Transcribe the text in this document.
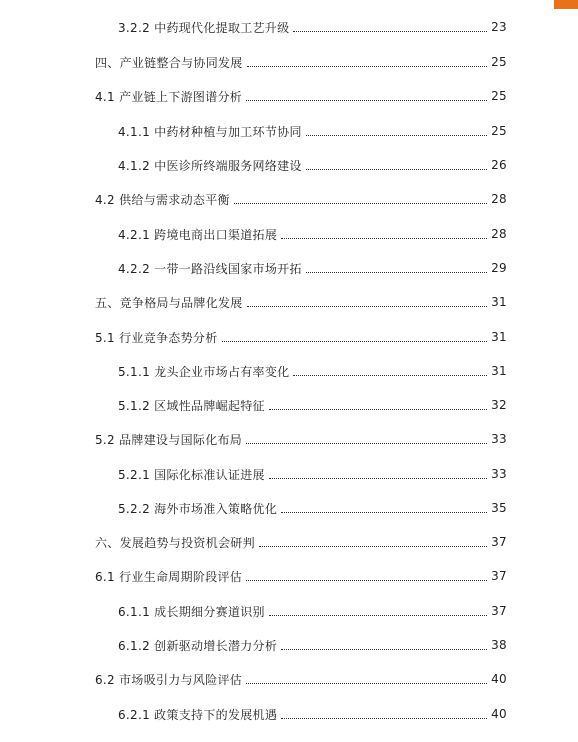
3.2.2 中药现代化提取工艺升级	23
四、产业链整合与协同发展	25
4.1 产业链上下游图谱分析	25
4.1.1 中药材种植与加工环节协同	25
4.1.2 中医诊所终端服务网络建设	26
4.2 供给与需求动态平衡	28
4.2.1 跨境电商出口渠道拓展	28
4.2.2 一带一路沿线国家市场开拓	29
五、竞争格局与品牌化发展	31
5.1 行业竞争态势分析	31
5.1.1 龙头企业市场占有率变化	31
5.1.2 区域性品牌崛起特征	32
5.2 品牌建设与国际化布局	33
5.2.1 国际化标准认证进展	33
5.2.2 海外市场准入策略优化	35
六、发展趋势与投资机会研判	37
6.1 行业生命周期阶段评估	37
6.1.1 成长期细分赛道识别	37
6.1.2 创新驱动增长潜力分析	38
6.2 市场吸引力与风险评估	40
6.2.1 政策支持下的发展机遇	40
